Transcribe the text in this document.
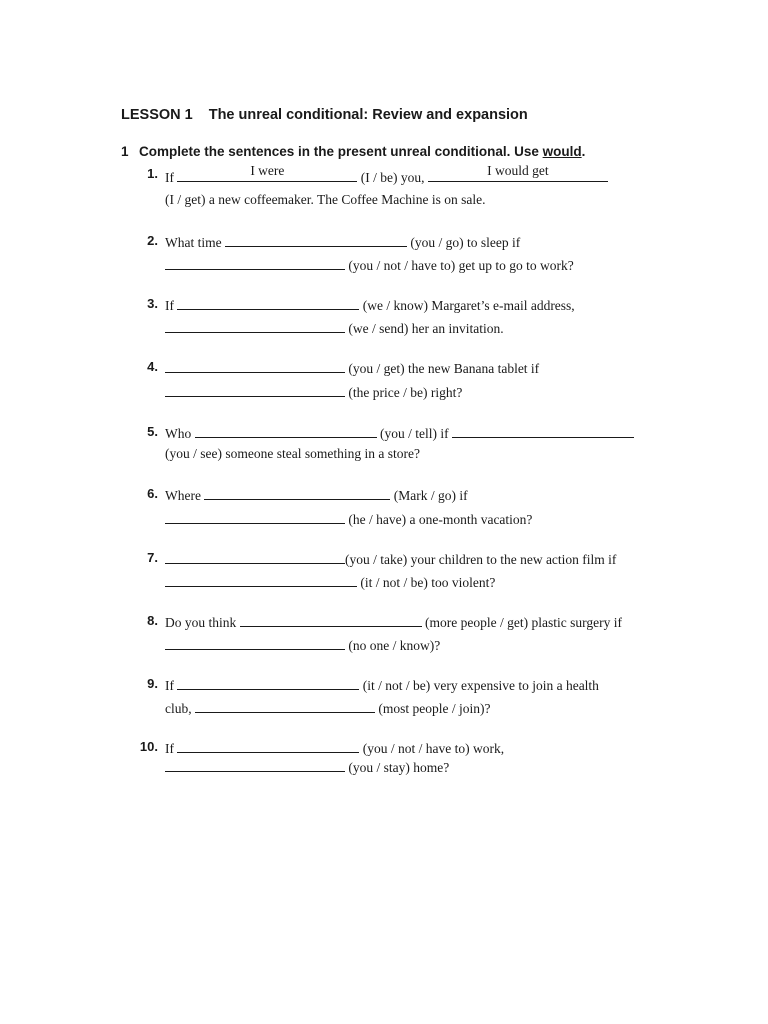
LESSON 1 The unreal conditional: Review and expansion
1 Complete the sentences in the present unreal conditional. Use would.
1. If	I were	(I / be) you,	I would get
(I / get) a new coffeemaker. The Coffee Machine is on sale.
2. What time	(you / go) to sleep if
(you / not / have to) get up to go to work?
3. If	(we / know) Margaret’s e-mail address,
(we / send) her an invitation.
4.	(you / get) the new Banana tablet if
(the price / be) right?
5. Who	(you / tell) if
(you / see) someone steal something in a store?
6. Where	(Mark / go) if
(he / have) a one-month vacation?
7.	(you / take) your children to the new action film if
(it / not / be) too violent?
8. Do you think	(more people / get) plastic surgery if
(no one / know)?
9. If	(it / not / be) very expensive to join a health
club,	(most people / join)?
10. If	(you / not / have to) work,
(you / stay) home?
